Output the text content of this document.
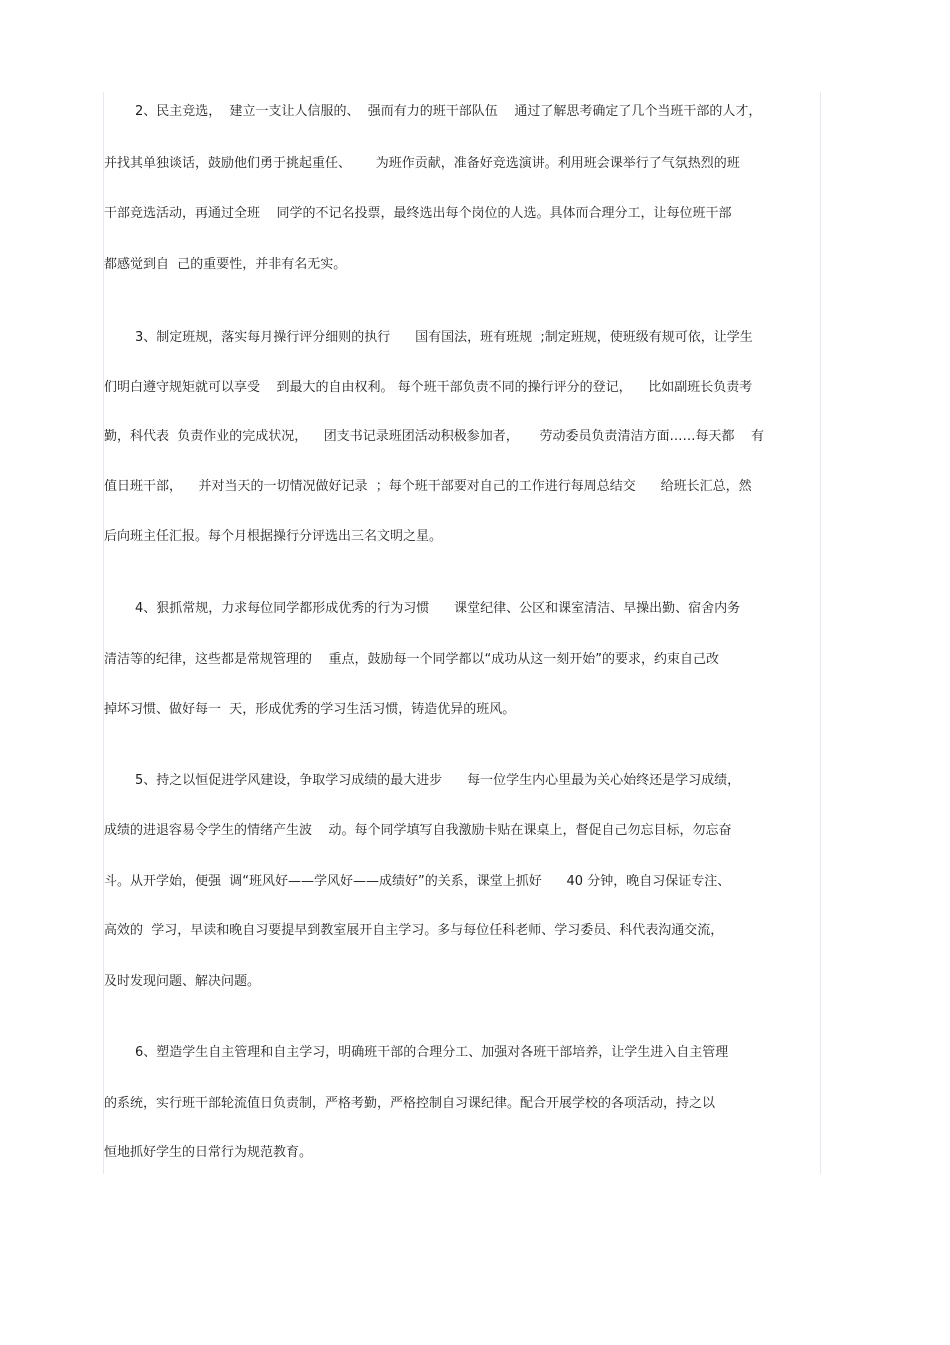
2、民主竞选，  建立一支让人信服的、  强而有力的班干部队伍    通过了解思考确定了几个当班干部的人才，
并找其单独谈话，鼓励他们勇于挑起重任、      为班作贡献，准备好竞选演讲。利用班会课举行了气氛热烈的班
干部竞选活动，再通过全班    同学的不记名投票，最终选出每个岗位的人选。具体而合理分工，让每位班干部
都感觉到自  己的重要性，并非有名无实。
3、制定班规，落实每月操行评分细则的执行      国有国法，班有班规  ;制定班规，使班级有规可依，让学生
们明白遵守规矩就可以享受    到最大的自由权利。 每个班干部负责不同的操行评分的登记，    比如副班长负责考
勤，科代表  负责作业的完成状况，    团支书记录班团活动积极参加者，     劳动委员负责清洁方面……每天都    有
值日班干部，    并对当天的一切情况做好记录  ；每个班干部要对自己的工作进行每周总结交      给班长汇总，然
后向班主任汇报。每个月根据操行分评选出三名文明之星。
4、狠抓常规，力求每位同学都形成优秀的行为习惯      课堂纪律、公区和课室清洁、早操出勤、宿舍内务
清洁等的纪律，这些都是常规管理的    重点，鼓励每一个同学都以“成功从这一刻开始”的要求，约束自己改
掉坏习惯、做好每一  天，形成优秀的学习生活习惯，铸造优异的班风。
5、持之以恒促进学风建设，争取学习成绩的最大进步      每一位学生内心里最为关心始终还是学习成绩，
成绩的进退容易令学生的情绪产生波    动。每个同学填写自我激励卡贴在课桌上，督促自己勿忘目标，勿忘奋
斗。从开学始，便强  调“班风好——学风好——成绩好”的关系，课堂上抓好      40 分钟，晚自习保证专注、
高效的  学习，早读和晚自习要提早到教室展开自主学习。多与每位任科老师、学习委员、科代表沟通交流，
及时发现问题、解决问题。
6、塑造学生自主管理和自主学习，明确班干部的合理分工、加强对各班干部培养，让学生进入自主管理
的系统，实行班干部轮流值日负责制，严格考勤，严格控制自习课纪律。配合开展学校的各项活动，持之以
恒地抓好学生的日常行为规范教育。
